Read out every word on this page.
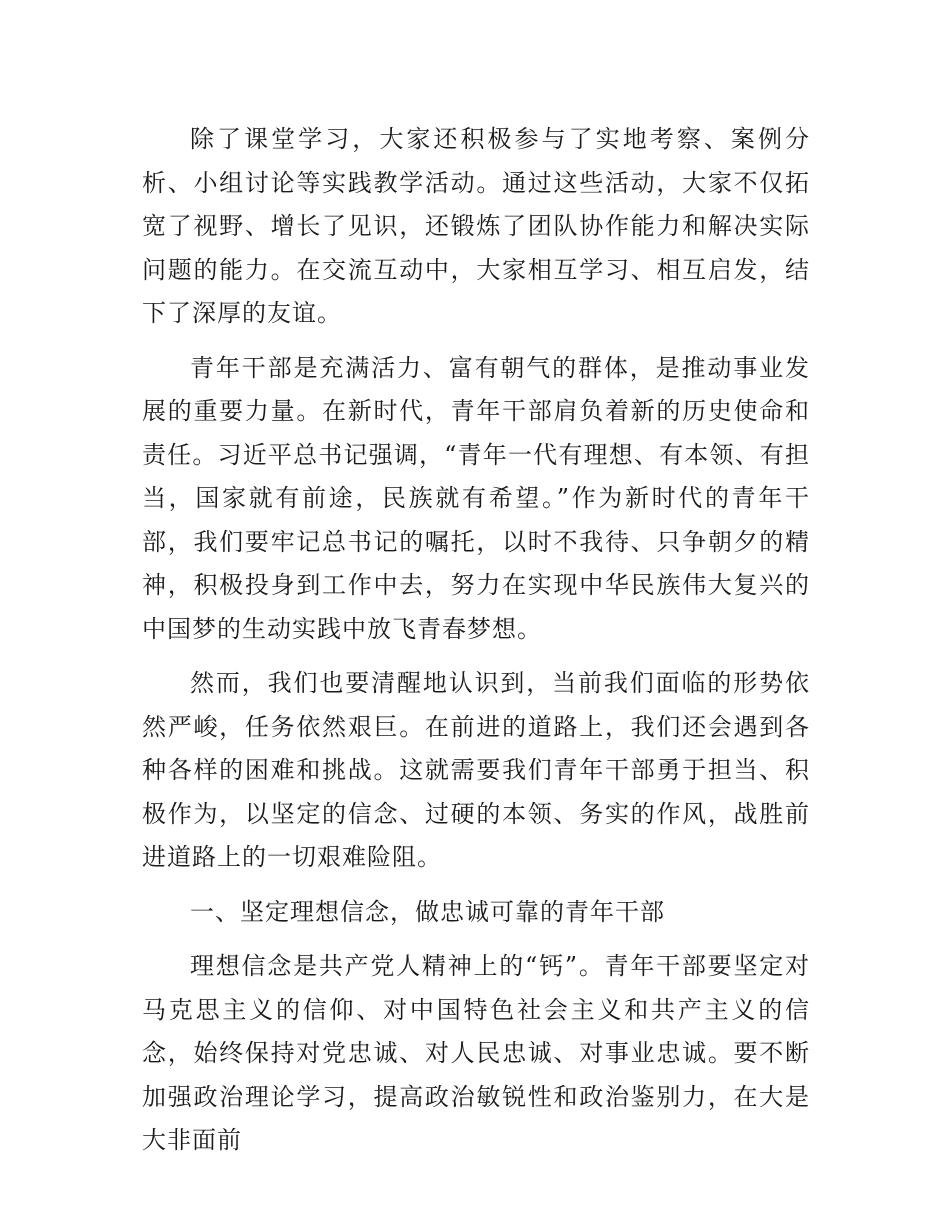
除了课堂学习，大家还积极参与了实地考察、案例分析、小组讨论等实践教学活动。通过这些活动，大家不仅拓宽了视野、增长了见识，还锻炼了团队协作能力和解决实际问题的能力。在交流互动中，大家相互学习、相互启发，结下了深厚的友谊。

青年干部是充满活力、富有朝气的群体，是推动事业发展的重要力量。在新时代，青年干部肩负着新的历史使命和责任。习近平总书记强调，“青年一代有理想、有本领、有担当，国家就有前途，民族就有希望。”作为新时代的青年干部，我们要牢记总书记的嘱托，以时不我待、只争朝夕的精神，积极投身到工作中去，努力在实现中华民族伟大复兴的中国梦的生动实践中放飞青春梦想。

然而，我们也要清醒地认识到，当前我们面临的形势依然严峻，任务依然艰巨。在前进的道路上，我们还会遇到各种各样的困难和挑战。这就需要我们青年干部勇于担当、积极作为，以坚定的信念、过硬的本领、务实的作风，战胜前进道路上的一切艰难险阻。

一、坚定理想信念，做忠诚可靠的青年干部

理想信念是共产党人精神上的“钙”。青年干部要坚定对马克思主义的信仰、对中国特色社会主义和共产主义的信念，始终保持对党忠诚、对人民忠诚、对事业忠诚。要不断加强政治理论学习，提高政治敏锐性和政治鉴别力，在大是大非面前
